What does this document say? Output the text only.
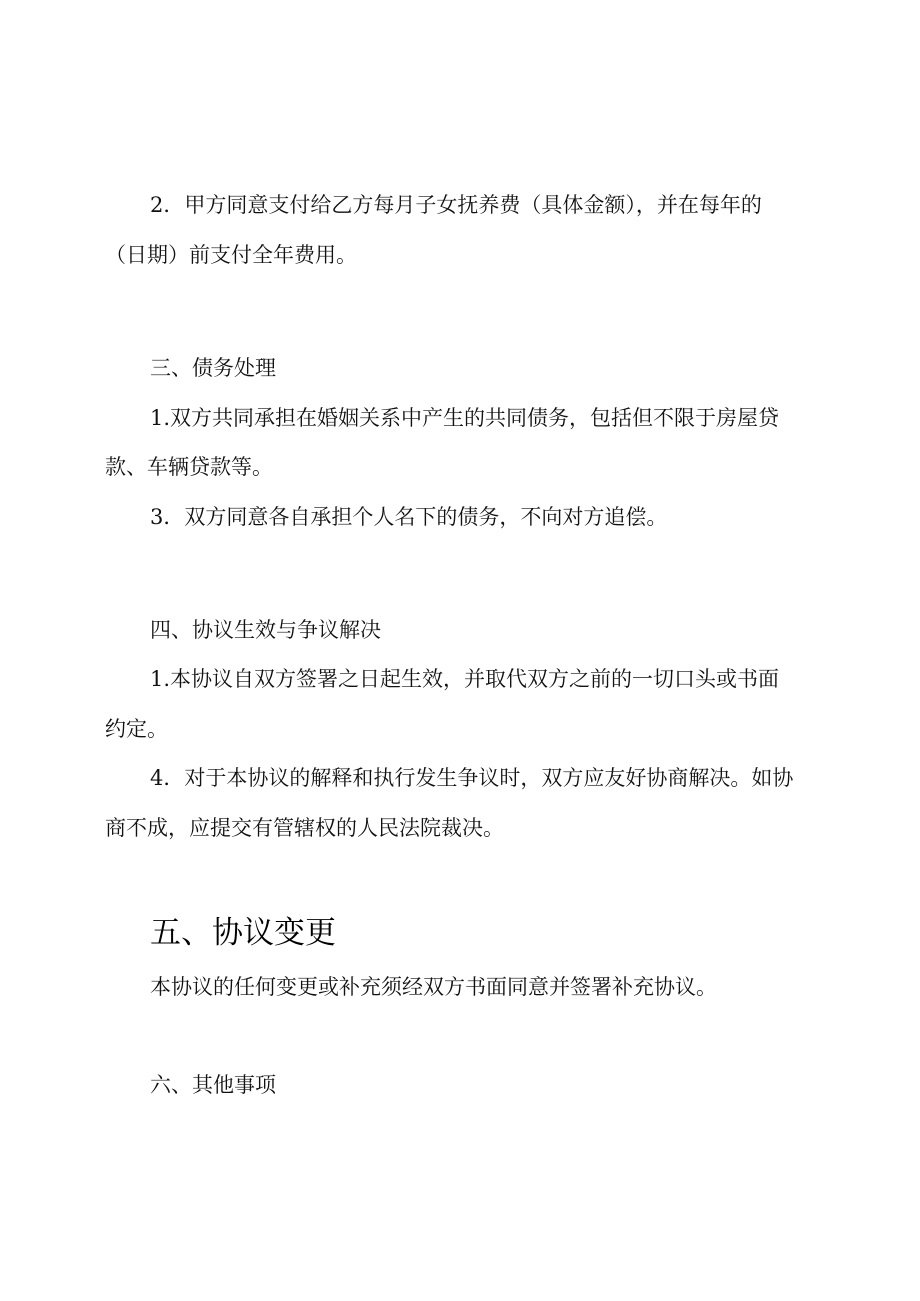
2．甲方同意支付给乙方每月子女抚养费（具体金额），并在每年的
（日期）前支付全年费用。
三、债务处理
1.双方共同承担在婚姻关系中产生的共同债务，包括但不限于房屋贷
款、车辆贷款等。
3．双方同意各自承担个人名下的债务，不向对方追偿。
四、协议生效与争议解决
1.本协议自双方签署之日起生效，并取代双方之前的一切口头或书面
约定。
4．对于本协议的解释和执行发生争议时，双方应友好协商解决。如协
商不成，应提交有管辖权的人民法院裁决。
五、协议变更
本协议的任何变更或补充须经双方书面同意并签署补充协议。
六、其他事项
